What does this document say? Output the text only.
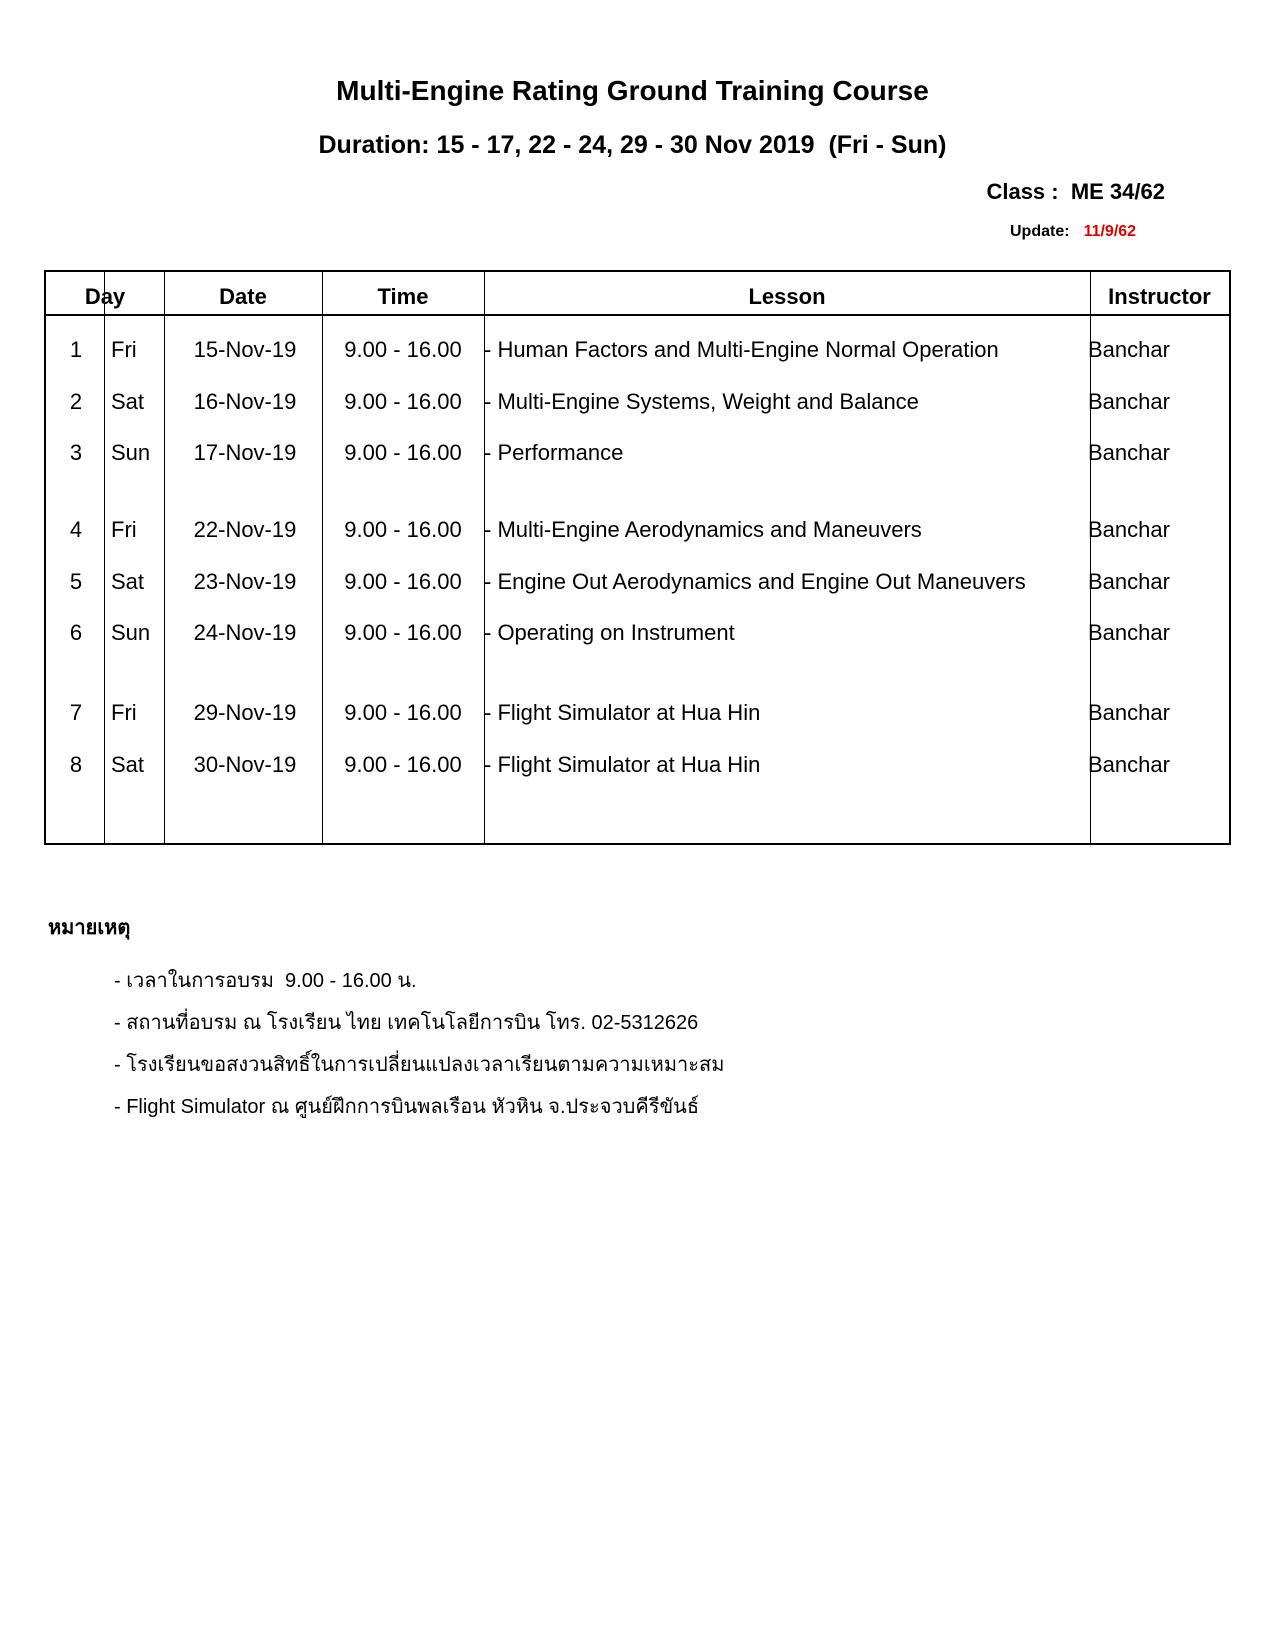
Multi-Engine Rating Ground Training Course
Duration: 15 - 17, 22 - 24, 29 - 30 Nov 2019  (Fri - Sun)
Class :  ME 34/62
Update: 11/9/62
Day	Date	Time	Lesson	Instructor
1	Fri	15-Nov-19	9.00 - 16.00	- Human Factors and Multi-Engine Normal Operation	Banchar
2	Sat	16-Nov-19	9.00 - 16.00	- Multi-Engine Systems, Weight and Balance	Banchar
3	Sun	17-Nov-19	9.00 - 16.00	- Performance	Banchar
4	Fri	22-Nov-19	9.00 - 16.00	- Multi-Engine Aerodynamics and Maneuvers	Banchar
5	Sat	23-Nov-19	9.00 - 16.00	- Engine Out Aerodynamics and Engine Out Maneuvers	Banchar
6	Sun	24-Nov-19	9.00 - 16.00	- Operating on Instrument	Banchar
7	Fri	29-Nov-19	9.00 - 16.00	- Flight Simulator at Hua Hin	Banchar
8	Sat	30-Nov-19	9.00 - 16.00	- Flight Simulator at Hua Hin	Banchar
หมายเหตุ
- เวลาในการอบรม  9.00 - 16.00 น.
- สถานที่อบรม ณ โรงเรียน ไทย เทคโนโลยีการบิน โทร. 02-5312626
- โรงเรียนขอสงวนสิทธิ์ในการเปลี่ยนแปลงเวลาเรียนตามความเหมาะสม
- Flight Simulator ณ ศูนย์ฝึกการบินพลเรือน หัวหิน จ.ประจวบคีรีขันธ์
